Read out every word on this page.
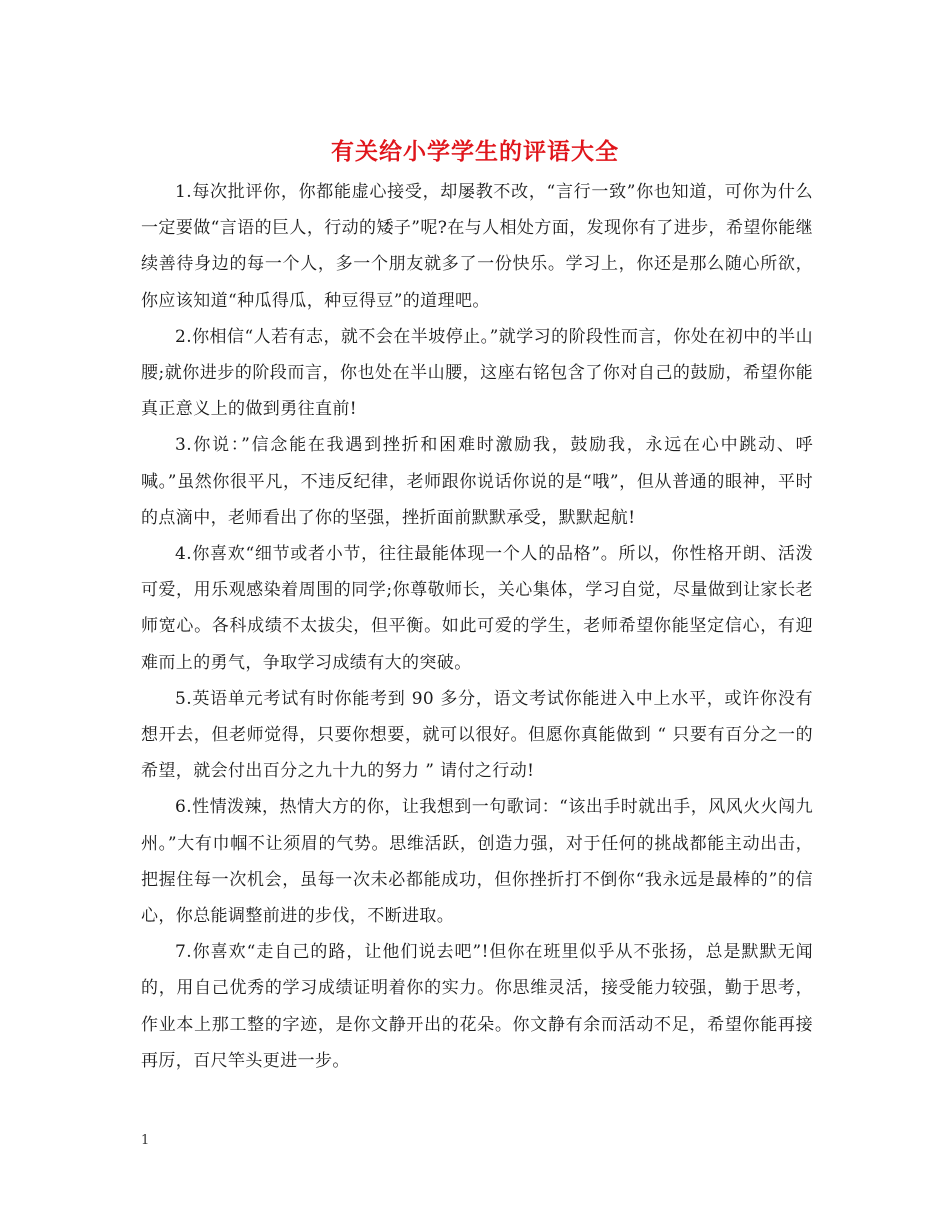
有关给小学学生的评语大全

1.每次批评你，你都能虚心接受，却屡教不改，“言行一致”你也知道，可你为什么一定要做“言语的巨人，行动的矮子”呢?在与人相处方面，发现你有了进步，希望你能继续善待身边的每一个人，多一个朋友就多了一份快乐。学习上，你还是那么随心所欲，你应该知道“种瓜得瓜，种豆得豆”的道理吧。

2.你相信“人若有志，就不会在半坡停止。”就学习的阶段性而言，你处在初中的半山腰;就你进步的阶段而言，你也处在半山腰，这座右铭包含了你对自己的鼓励，希望你能真正意义上的做到勇往直前!

3.你说：”信念能在我遇到挫折和困难时激励我，鼓励我，永远在心中跳动、呼喊。”虽然你很平凡，不违反纪律，老师跟你说话你说的是“哦”，但从普通的眼神，平时的点滴中，老师看出了你的坚强，挫折面前默默承受，默默起航!

4.你喜欢“细节或者小节，往往最能体现一个人的品格”。所以，你性格开朗、活泼可爱，用乐观感染着周围的同学;你尊敬师长，关心集体，学习自觉，尽量做到让家长老师宽心。各科成绩不太拔尖，但平衡。如此可爱的学生，老师希望你能坚定信心，有迎难而上的勇气，争取学习成绩有大的突破。

5.英语单元考试有时你能考到 90 多分，语文考试你能进入中上水平，或许你没有想开去，但老师觉得，只要你想要，就可以很好。但愿你真能做到 “ 只要有百分之一的希望，就会付出百分之九十九的努力 ” 请付之行动!

6.性情泼辣，热情大方的你，让我想到一句歌词：“该出手时就出手，风风火火闯九州。”大有巾帼不让须眉的气势。思维活跃，创造力强，对于任何的挑战都能主动出击，把握住每一次机会，虽每一次未必都能成功，但你挫折打不倒你“我永远是最棒的”的信心，你总能调整前进的步伐，不断进取。

7.你喜欢“走自己的路，让他们说去吧”!但你在班里似乎从不张扬，总是默默无闻的，用自己优秀的学习成绩证明着你的实力。你思维灵活，接受能力较强，勤于思考，作业本上那工整的字迹，是你文静开出的花朵。你文静有余而活动不足，希望你能再接再厉，百尺竿头更进一步。

1
